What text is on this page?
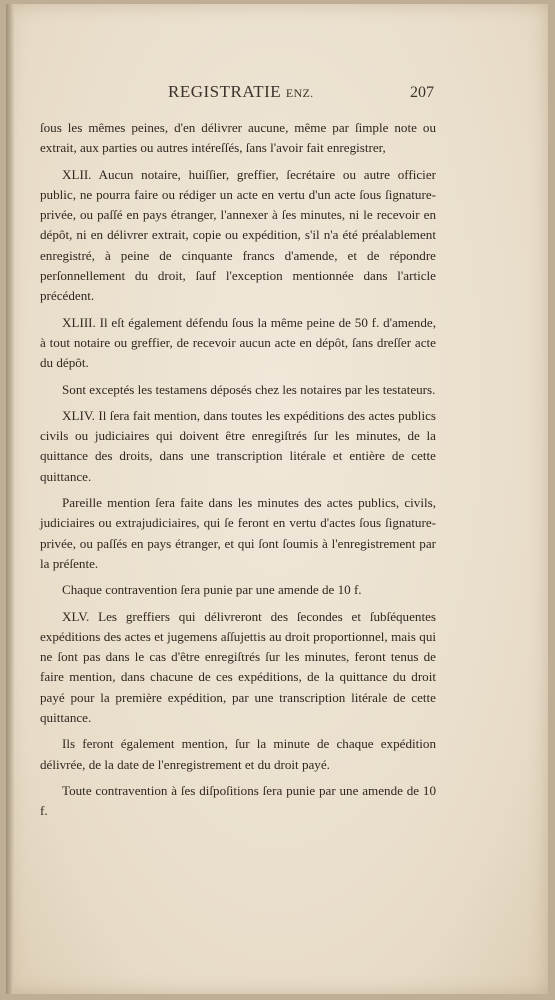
REGISTRATIE ENZ.	207

ſous les mêmes peines, d'en délivrer aucune, même par ſimple note ou extrait, aux parties ou autres intéreſſés, ſans l'avoir fait enregistrer,

XLII. Aucun notaire, huiſſier, greffier, ſecrétaire ou autre officier public, ne pourra faire ou rédiger un acte en vertu d'un acte ſous ſignature-privée, ou paſſé en pays étranger, l'annexer à ſes minutes, ni le recevoir en dépôt, ni en délivrer extrait, copie ou expédition, s'il n'a été préalablement enregistré, à peine de cinquante francs d'amende, et de répondre perſonnellement du droit, ſauf l'exception mentionnée dans l'article précédent.

XLIII. Il eſt également défendu ſous la même peine de 50 f. d'amende, à tout notaire ou greffier, de recevoir aucun acte en dépôt, ſans dreſſer acte du dépôt.

Sont exceptés les testamens déposés chez les notaires par les testateurs.

XLIV. Il ſera fait mention, dans toutes les expéditions des actes publics civils ou judiciaires qui doivent être enregiſtrés ſur les minutes, de la quittance des droits, dans une transcription litérale et entière de cette quittance.

Pareille mention ſera faite dans les minutes des actes publics, civils, judiciaires ou extrajudiciaires, qui ſe feront en vertu d'actes ſous ſignature-privée, ou paſſés en pays étranger, et qui ſont ſoumis à l'enregistrement par la préſente.

Chaque contravention ſera punie par une amende de 10 f.

XLV. Les greffiers qui délivreront des ſecondes et ſubſéquentes expéditions des actes et jugemens aſſujettis au droit proportionnel, mais qui ne ſont pas dans le cas d'être enregiſtrés ſur les minutes, feront tenus de faire mention, dans chacune de ces expéditions, de la quittance du droit payé pour la première expédition, par une transcription litérale de cette quittance.

Ils feront également mention, ſur la minute de chaque expédition délivrée, de la date de l'enregistrement et du droit payé.

Toute contravention à ſes diſpoſitions ſera punie par une amende de 10 f.
